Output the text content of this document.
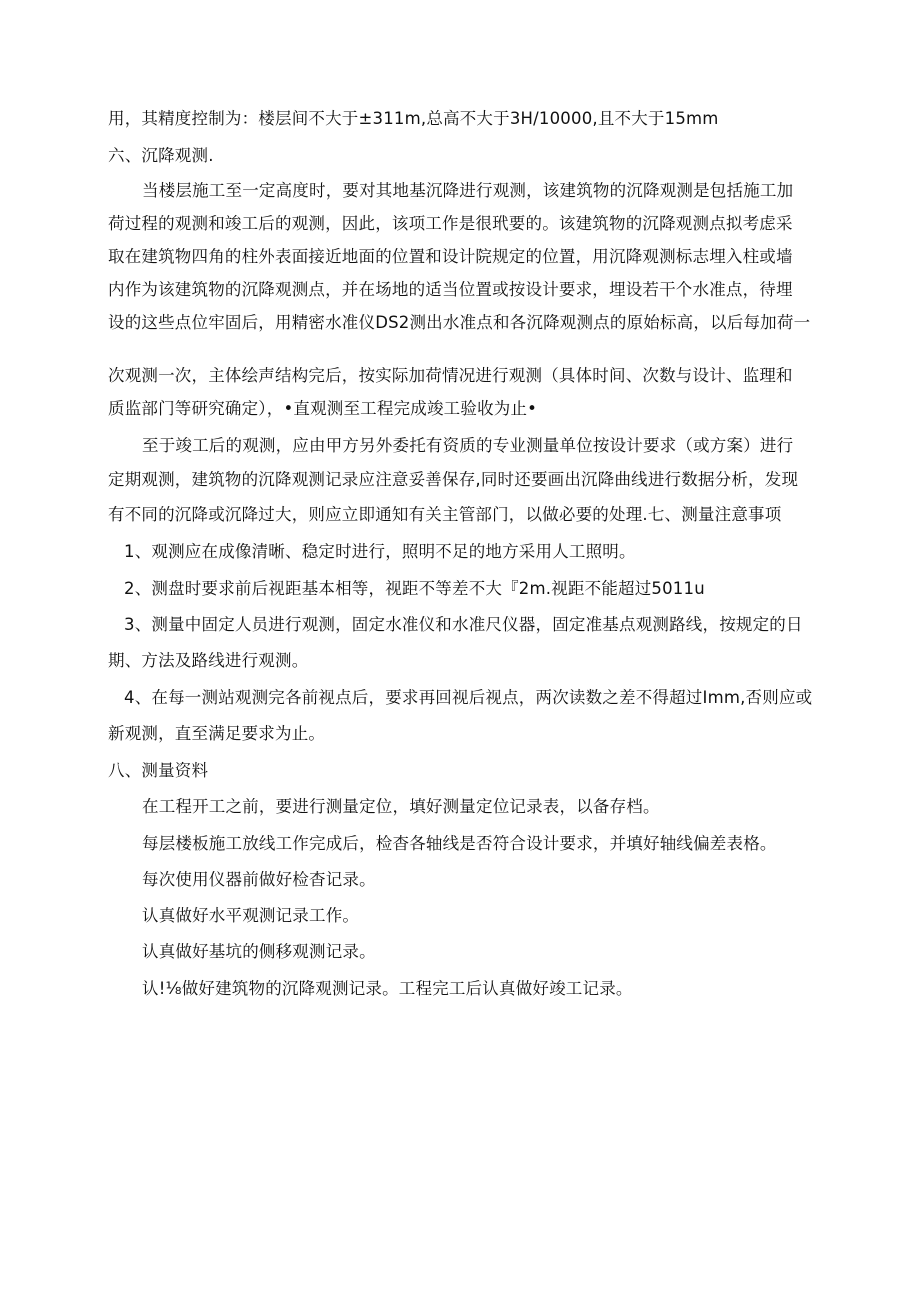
用，其精度控制为：楼层间不大于±311m,总高不大于3H/10000,且不大于15mm
六、沉降观测.
当楼层施工至一定高度时，要对其地基沉降进行观测，该建筑物的沉降观测是包括施工加
荷过程的观测和竣工后的观测，因此，该项工作是很玳要的。该建筑物的沉降观测点拟考虑采
取在建筑物四角的柱外表面接近地面的位置和设计院规定的位置，用沉降观测标志埋入柱或墙
内作为该建筑物的沉降观测点，并在场地的适当位置或按设计要求，埋设若干个水准点，待埋
设的这些点位牢固后，用精密水准仪DS2测出水准点和各沉降观测点的原始标高，以后每加荷一
次观测一次，主体绘声结构完后，按实际加荷情况进行观测（具体时间、次数与设计、监理和
质监部门等研究确定），•直观测至工程完成竣工验收为止•
至于竣工后的观测，应由甲方另外委托有资质的专业测量单位按设计要求（或方案）进行
定期观测，建筑物的沉降观测记录应注意妥善保存,同时还要画出沉降曲线进行数据分析，发现
有不同的沉降或沉降过大，则应立即通知有关主管部门，以做必要的处理.七、测量注意事项
1、观测应在成像清晰、稳定时进行，照明不足的地方采用人工照明。
2、测盘时要求前后视距基本相等，视距不等差不大『2m.视距不能超过5011u
3、测量中固定人员进行观测，固定水准仪和水准尺仪器，固定准基点观测路线，按规定的日
期、方法及路线进行观测。
4、在每一测站观测完各前视点后，要求再回视后视点，两次读数之差不得超过Imm,否则应或
新观测，直至满足要求为止。
八、测量资料
在工程开工之前，要进行测量定位，填好测量定位记录表，以备存档。
每层楼板施工放线工作完成后，检杳各轴线是否符合设计要求，并填好轴线偏差表格。
每次使用仪器前做好检杳记录。
认真做好水平观测记录工作。
认真做好基坑的侧移观测记录。
认!⅛做好建筑物的沉降观测记录。工程完工后认真做好竣工记录。
